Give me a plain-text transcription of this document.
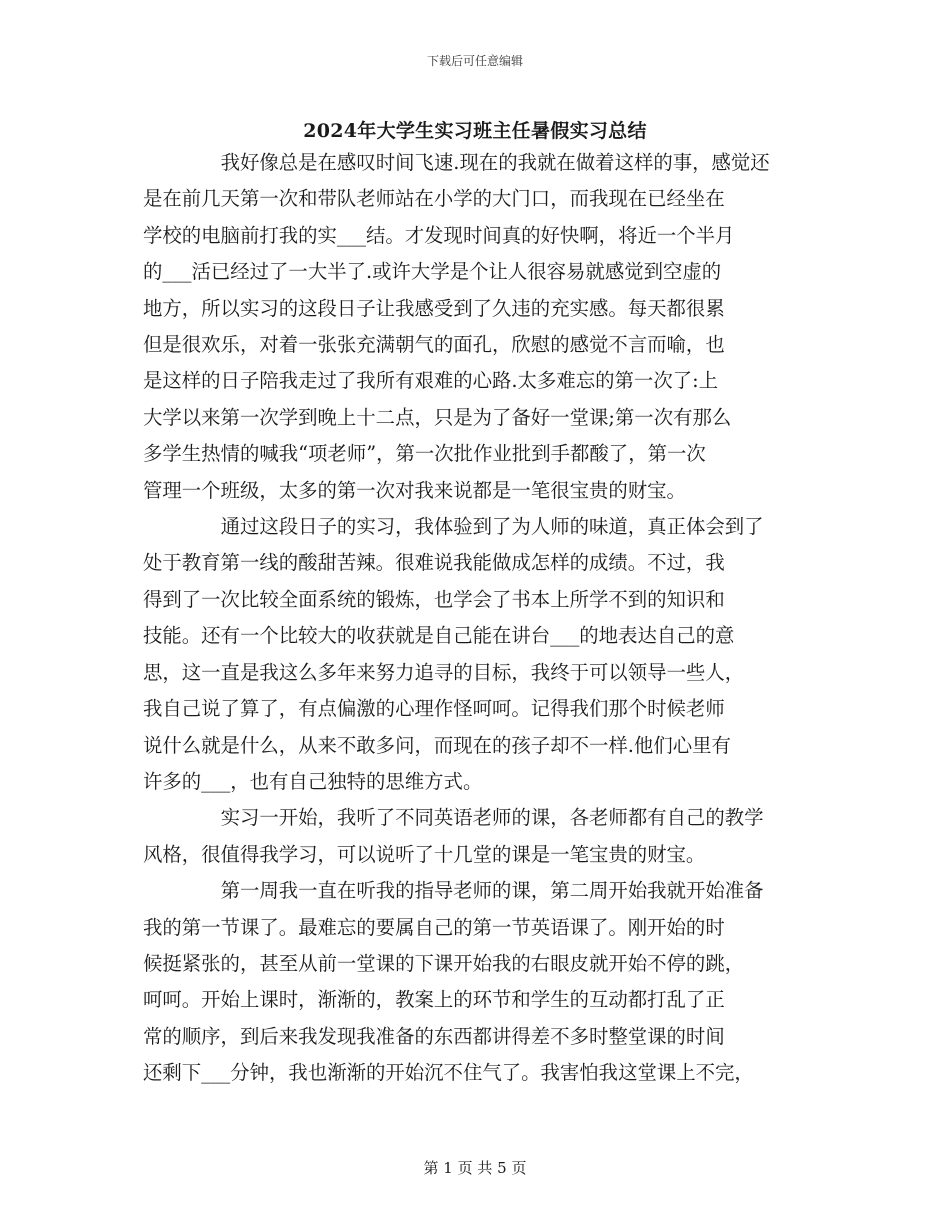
下载后可任意编辑
2024年大学生实习班主任暑假实习总结
我好像总是在感叹时间飞速.现在的我就在做着这样的事，感觉还
是在前几天第一次和带队老师站在小学的大门口，而我现在已经坐在
学校的电脑前打我的实___结。才发现时间真的好快啊，将近一个半月
的___活已经过了一大半了.或许大学是个让人很容易就感觉到空虚的
地方，所以实习的这段日子让我感受到了久违的充实感。每天都很累
但是很欢乐，对着一张张充满朝气的面孔，欣慰的感觉不言而喻，也
是这样的日子陪我走过了我所有艰难的心路.太多难忘的第一次了:上
大学以来第一次学到晚上十二点，只是为了备好一堂课;第一次有那么
多学生热情的喊我“项老师”，第一次批作业批到手都酸了，第一次
管理一个班级，太多的第一次对我来说都是一笔很宝贵的财宝。
通过这段日子的实习，我体验到了为人师的味道，真正体会到了
处于教育第一线的酸甜苦辣。很难说我能做成怎样的成绩。不过，我
得到了一次比较全面系统的锻炼，也学会了书本上所学不到的知识和
技能。还有一个比较大的收获就是自己能在讲台___的地表达自己的意
思，这一直是我这么多年来努力追寻的目标，我终于可以领导一些人，
我自己说了算了，有点偏激的心理作怪呵呵。记得我们那个时候老师
说什么就是什么，从来不敢多问，而现在的孩子却不一样.他们心里有
许多的___，也有自己独特的思维方式。
实习一开始，我听了不同英语老师的课，各老师都有自己的教学
风格，很值得我学习，可以说听了十几堂的课是一笔宝贵的财宝。
第一周我一直在听我的指导老师的课，第二周开始我就开始准备
我的第一节课了。最难忘的要属自己的第一节英语课了。刚开始的时
候挺紧张的，甚至从前一堂课的下课开始我的右眼皮就开始不停的跳，
呵呵。开始上课时，渐渐的，教案上的环节和学生的互动都打乱了正
常的顺序，到后来我发现我准备的东西都讲得差不多时整堂课的时间
还剩下___分钟，我也渐渐的开始沉不住气了。我害怕我这堂课上不完，
第 1 页 共 5 页
